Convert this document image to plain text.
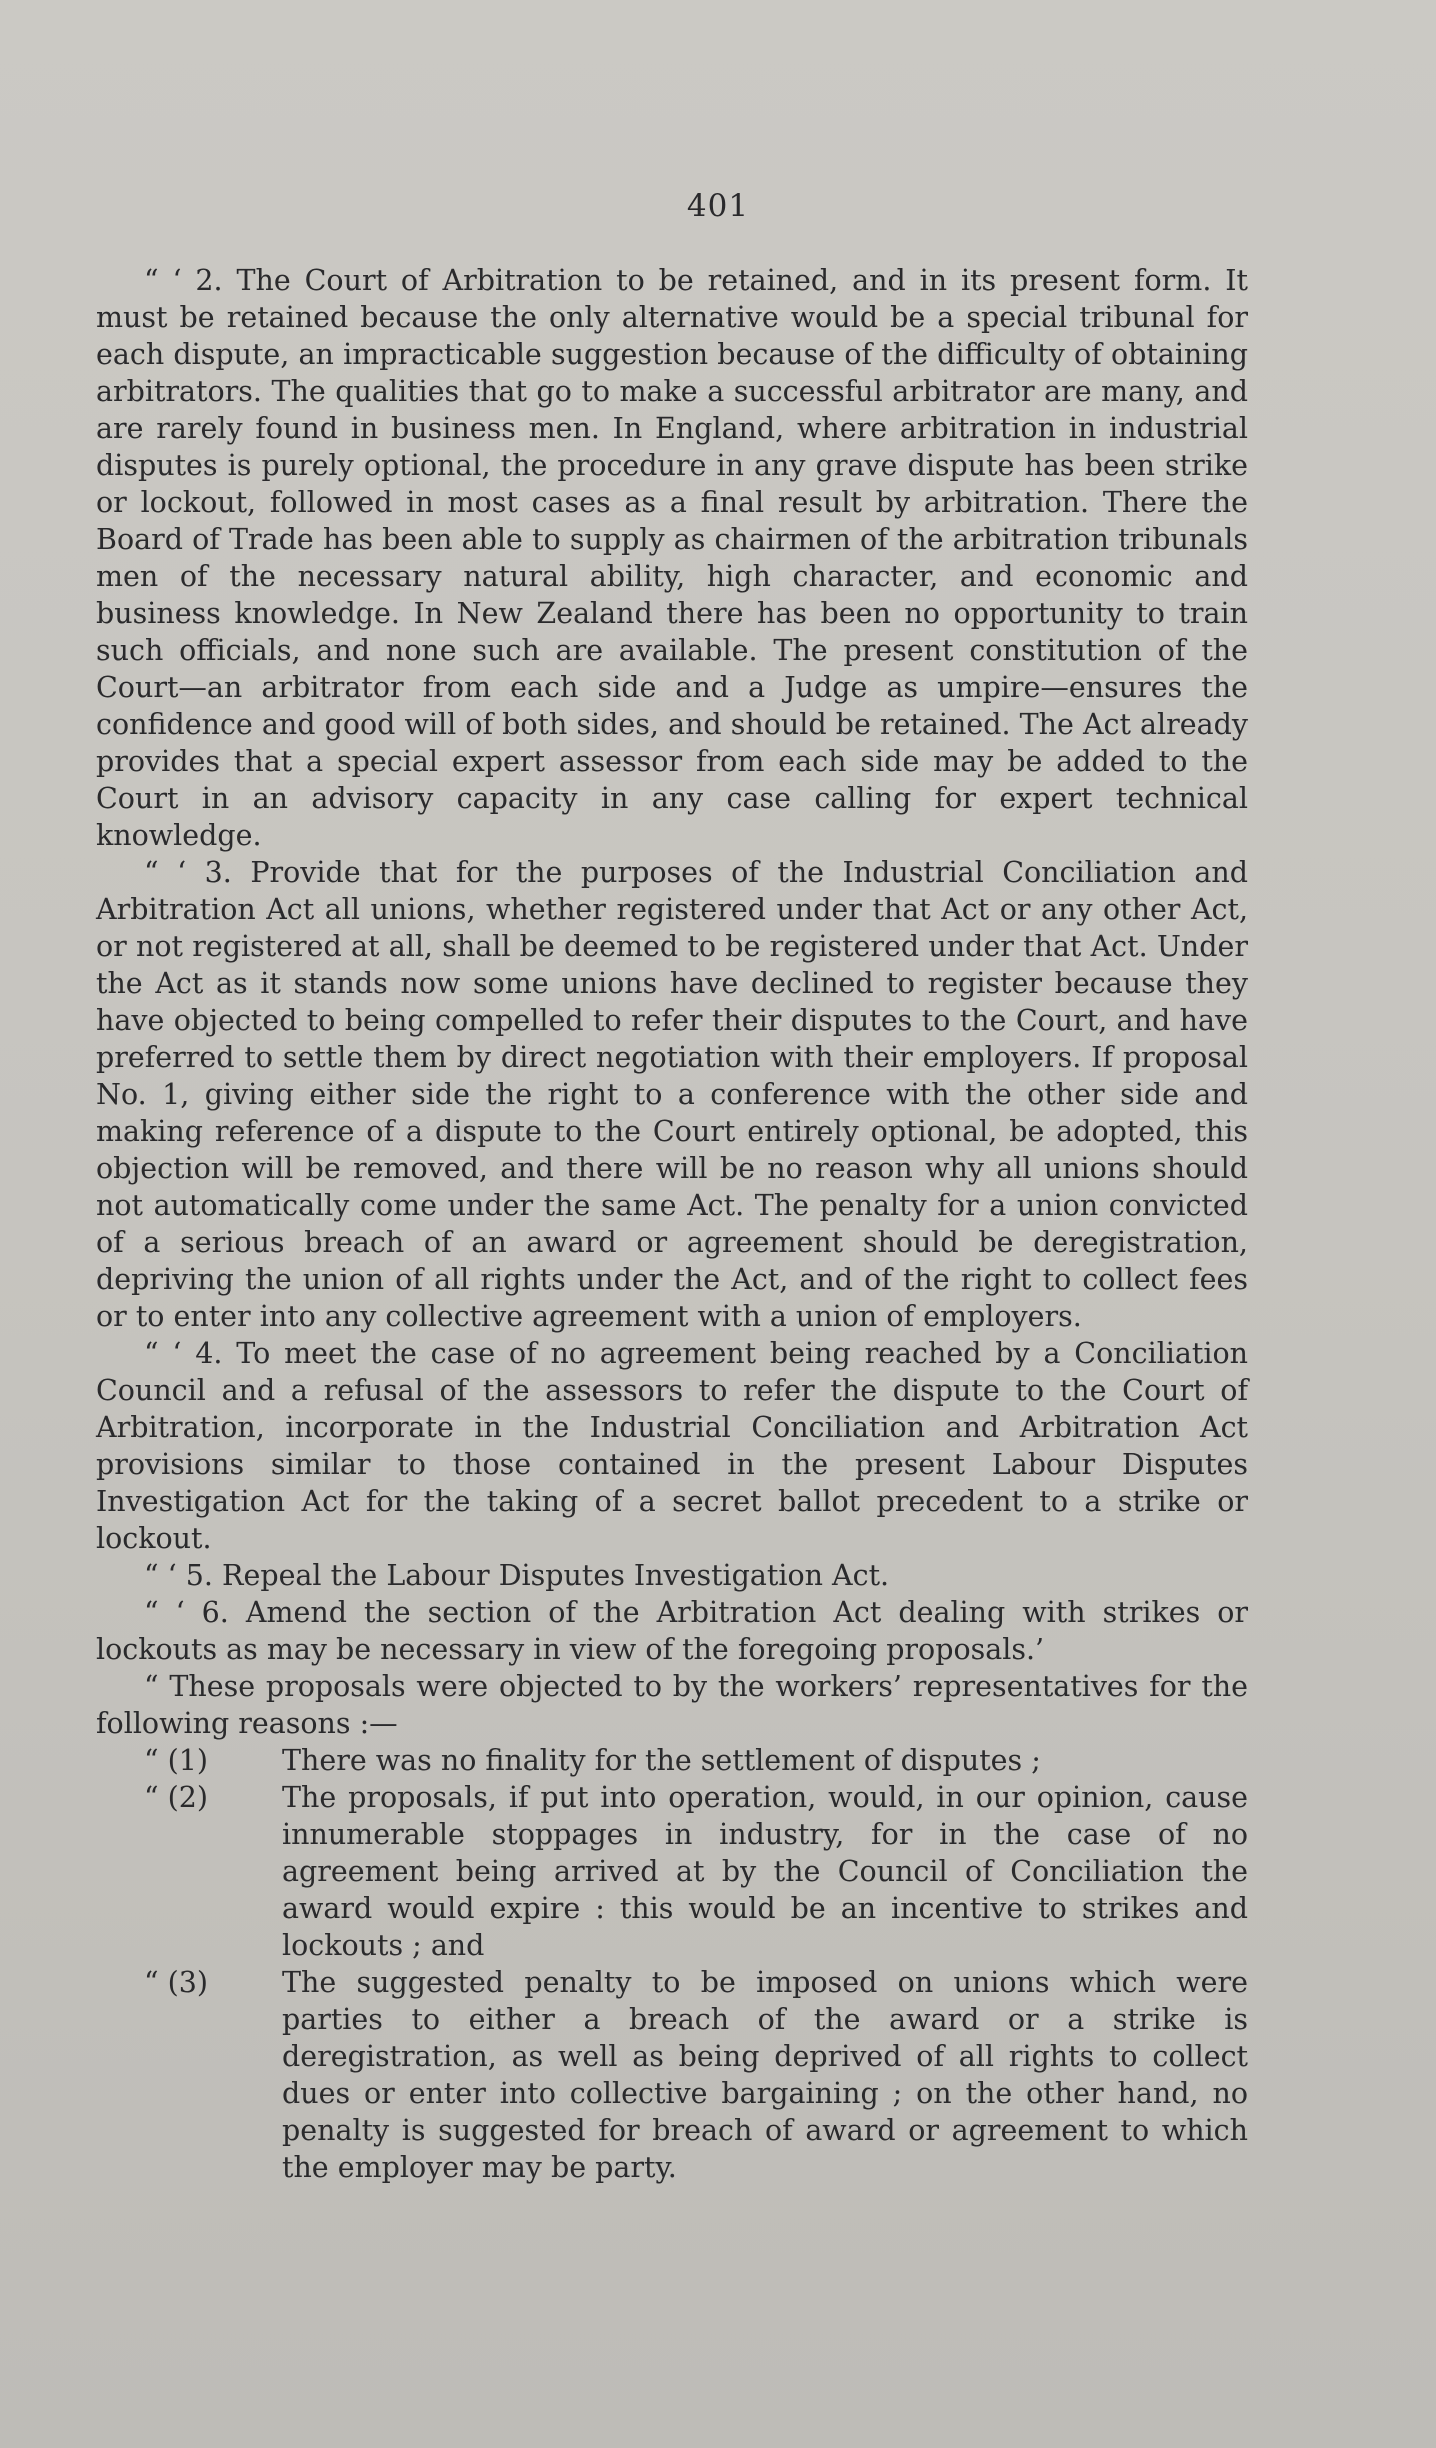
401

“ ‘ 2. The Court of Arbitration to be retained, and in its present form. It must be retained because the only alternative would be a special tribunal for each dispute, an impracticable suggestion because of the difficulty of obtaining arbitrators. The qualities that go to make a successful arbitrator are many, and are rarely found in business men. In England, where arbitration in industrial disputes is purely optional, the procedure in any grave dispute has been strike or lockout, followed in most cases as a final result by arbitration. There the Board of Trade has been able to supply as chairmen of the arbitration tribunals men of the necessary natural ability, high character, and economic and business knowledge. In New Zealand there has been no opportunity to train such officials, and none such are available. The present constitution of the Court—an arbitrator from each side and a Judge as umpire—ensures the confidence and good will of both sides, and should be retained. The Act already provides that a special expert assessor from each side may be added to the Court in an advisory capacity in any case calling for expert technical knowledge.

“ ‘ 3. Provide that for the purposes of the Industrial Conciliation and Arbitration Act all unions, whether registered under that Act or any other Act, or not registered at all, shall be deemed to be registered under that Act. Under the Act as it stands now some unions have declined to register because they have objected to being compelled to refer their disputes to the Court, and have preferred to settle them by direct negotiation with their employers. If proposal No. 1, giving either side the right to a conference with the other side and making reference of a dispute to the Court entirely optional, be adopted, this objection will be removed, and there will be no reason why all unions should not automatically come under the same Act. The penalty for a union convicted of a serious breach of an award or agreement should be deregistration, depriving the union of all rights under the Act, and of the right to collect fees or to enter into any collective agreement with a union of employers.

“ ‘ 4. To meet the case of no agreement being reached by a Conciliation Council and a refusal of the assessors to refer the dispute to the Court of Arbitration, incorporate in the Industrial Conciliation and Arbitration Act provisions similar to those contained in the present Labour Disputes Investigation Act for the taking of a secret ballot precedent to a strike or lockout.

“ ‘ 5. Repeal the Labour Disputes Investigation Act.

“ ‘ 6. Amend the section of the Arbitration Act dealing with strikes or lockouts as may be necessary in view of the foregoing proposals.’

“ These proposals were objected to by the workers’ representatives for the following reasons :—

“ (1)	There was no finality for the settlement of disputes ;

“ (2)	The proposals, if put into operation, would, in our opinion, cause innumerable stoppages in industry, for in the case of no agreement being arrived at by the Council of Conciliation the award would expire : this would be an incentive to strikes and lockouts ; and

“ (3)	The suggested penalty to be imposed on unions which were parties to either a breach of the award or a strike is deregistration, as well as being deprived of all rights to collect dues or enter into collective bargaining ; on the other hand, no penalty is suggested for breach of award or agreement to which the employer may be party.
